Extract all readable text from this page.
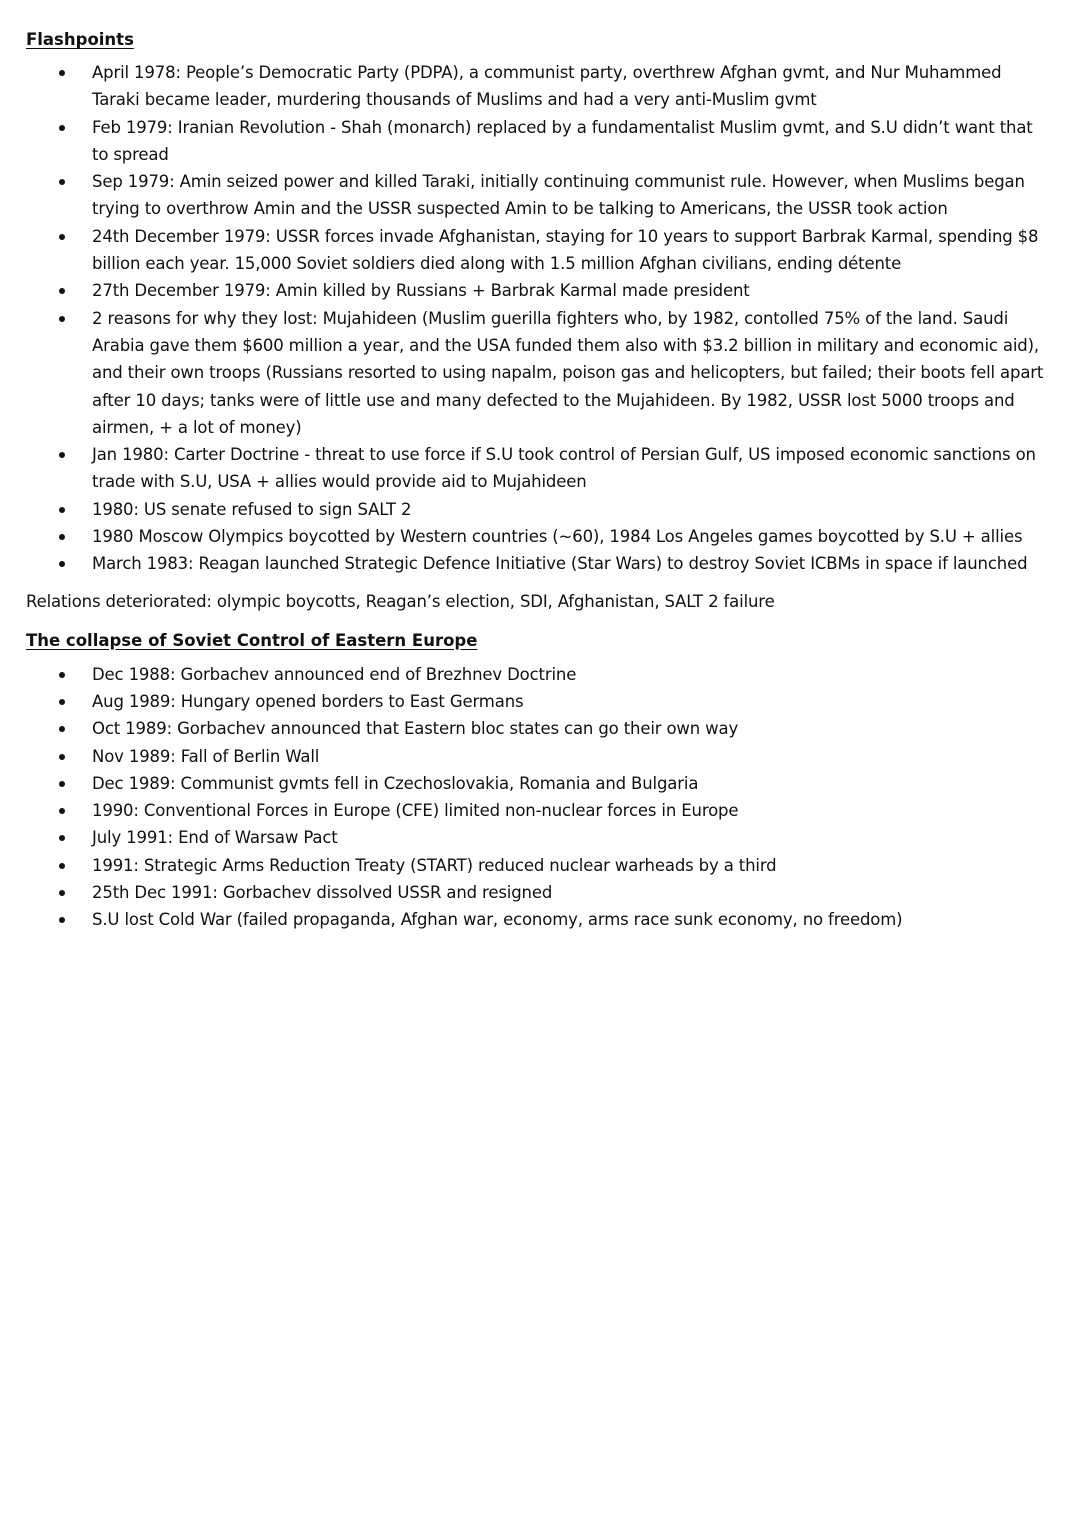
Flashpoints
April 1978: People’s Democratic Party (PDPA), a communist party, overthrew Afghan gvmt, and Nur Muhammed Taraki became leader, murdering thousands of Muslims and had a very anti-Muslim gvmt
Feb 1979: Iranian Revolution - Shah (monarch) replaced by a fundamentalist Muslim gvmt, and S.U didn’t want that to spread
Sep 1979: Amin seized power and killed Taraki, initially continuing communist rule. However, when Muslims began trying to overthrow Amin and the USSR suspected Amin to be talking to Americans, the USSR took action
24th December 1979: USSR forces invade Afghanistan, staying for 10 years to support Barbrak Karmal, spending $8 billion each year. 15,000 Soviet soldiers died along with 1.5 million Afghan civilians, ending détente
27th December 1979: Amin killed by Russians + Barbrak Karmal made president
2 reasons for why they lost: Mujahideen (Muslim guerilla fighters who, by 1982, contolled 75% of the land. Saudi Arabia gave them $600 million a year, and the USA funded them also with $3.2 billion in military and economic aid), and their own troops (Russians resorted to using napalm, poison gas and helicopters, but failed; their boots fell apart after 10 days; tanks were of little use and many defected to the Mujahideen. By 1982, USSR lost 5000 troops and airmen, + a lot of money)
Jan 1980: Carter Doctrine - threat to use force if S.U took control of Persian Gulf, US imposed economic sanctions on trade with S.U, USA + allies would provide aid to Mujahideen
1980: US senate refused to sign SALT 2
1980 Moscow Olympics boycotted by Western countries (~60), 1984 Los Angeles games boycotted by S.U + allies
March 1983: Reagan launched Strategic Defence Initiative (Star Wars) to destroy Soviet ICBMs in space if launched

Relations deteriorated: olympic boycotts, Reagan’s election, SDI, Afghanistan, SALT 2 failure

The collapse of Soviet Control of Eastern Europe
Dec 1988: Gorbachev announced end of Brezhnev Doctrine
Aug 1989: Hungary opened borders to East Germans
Oct 1989: Gorbachev announced that Eastern bloc states can go their own way
Nov 1989: Fall of Berlin Wall
Dec 1989: Communist gvmts fell in Czechoslovakia, Romania and Bulgaria
1990: Conventional Forces in Europe (CFE) limited non-nuclear forces in Europe
July 1991: End of Warsaw Pact
1991: Strategic Arms Reduction Treaty (START) reduced nuclear warheads by a third
25th Dec 1991: Gorbachev dissolved USSR and resigned
S.U lost Cold War (failed propaganda, Afghan war, economy, arms race sunk economy, no freedom)
